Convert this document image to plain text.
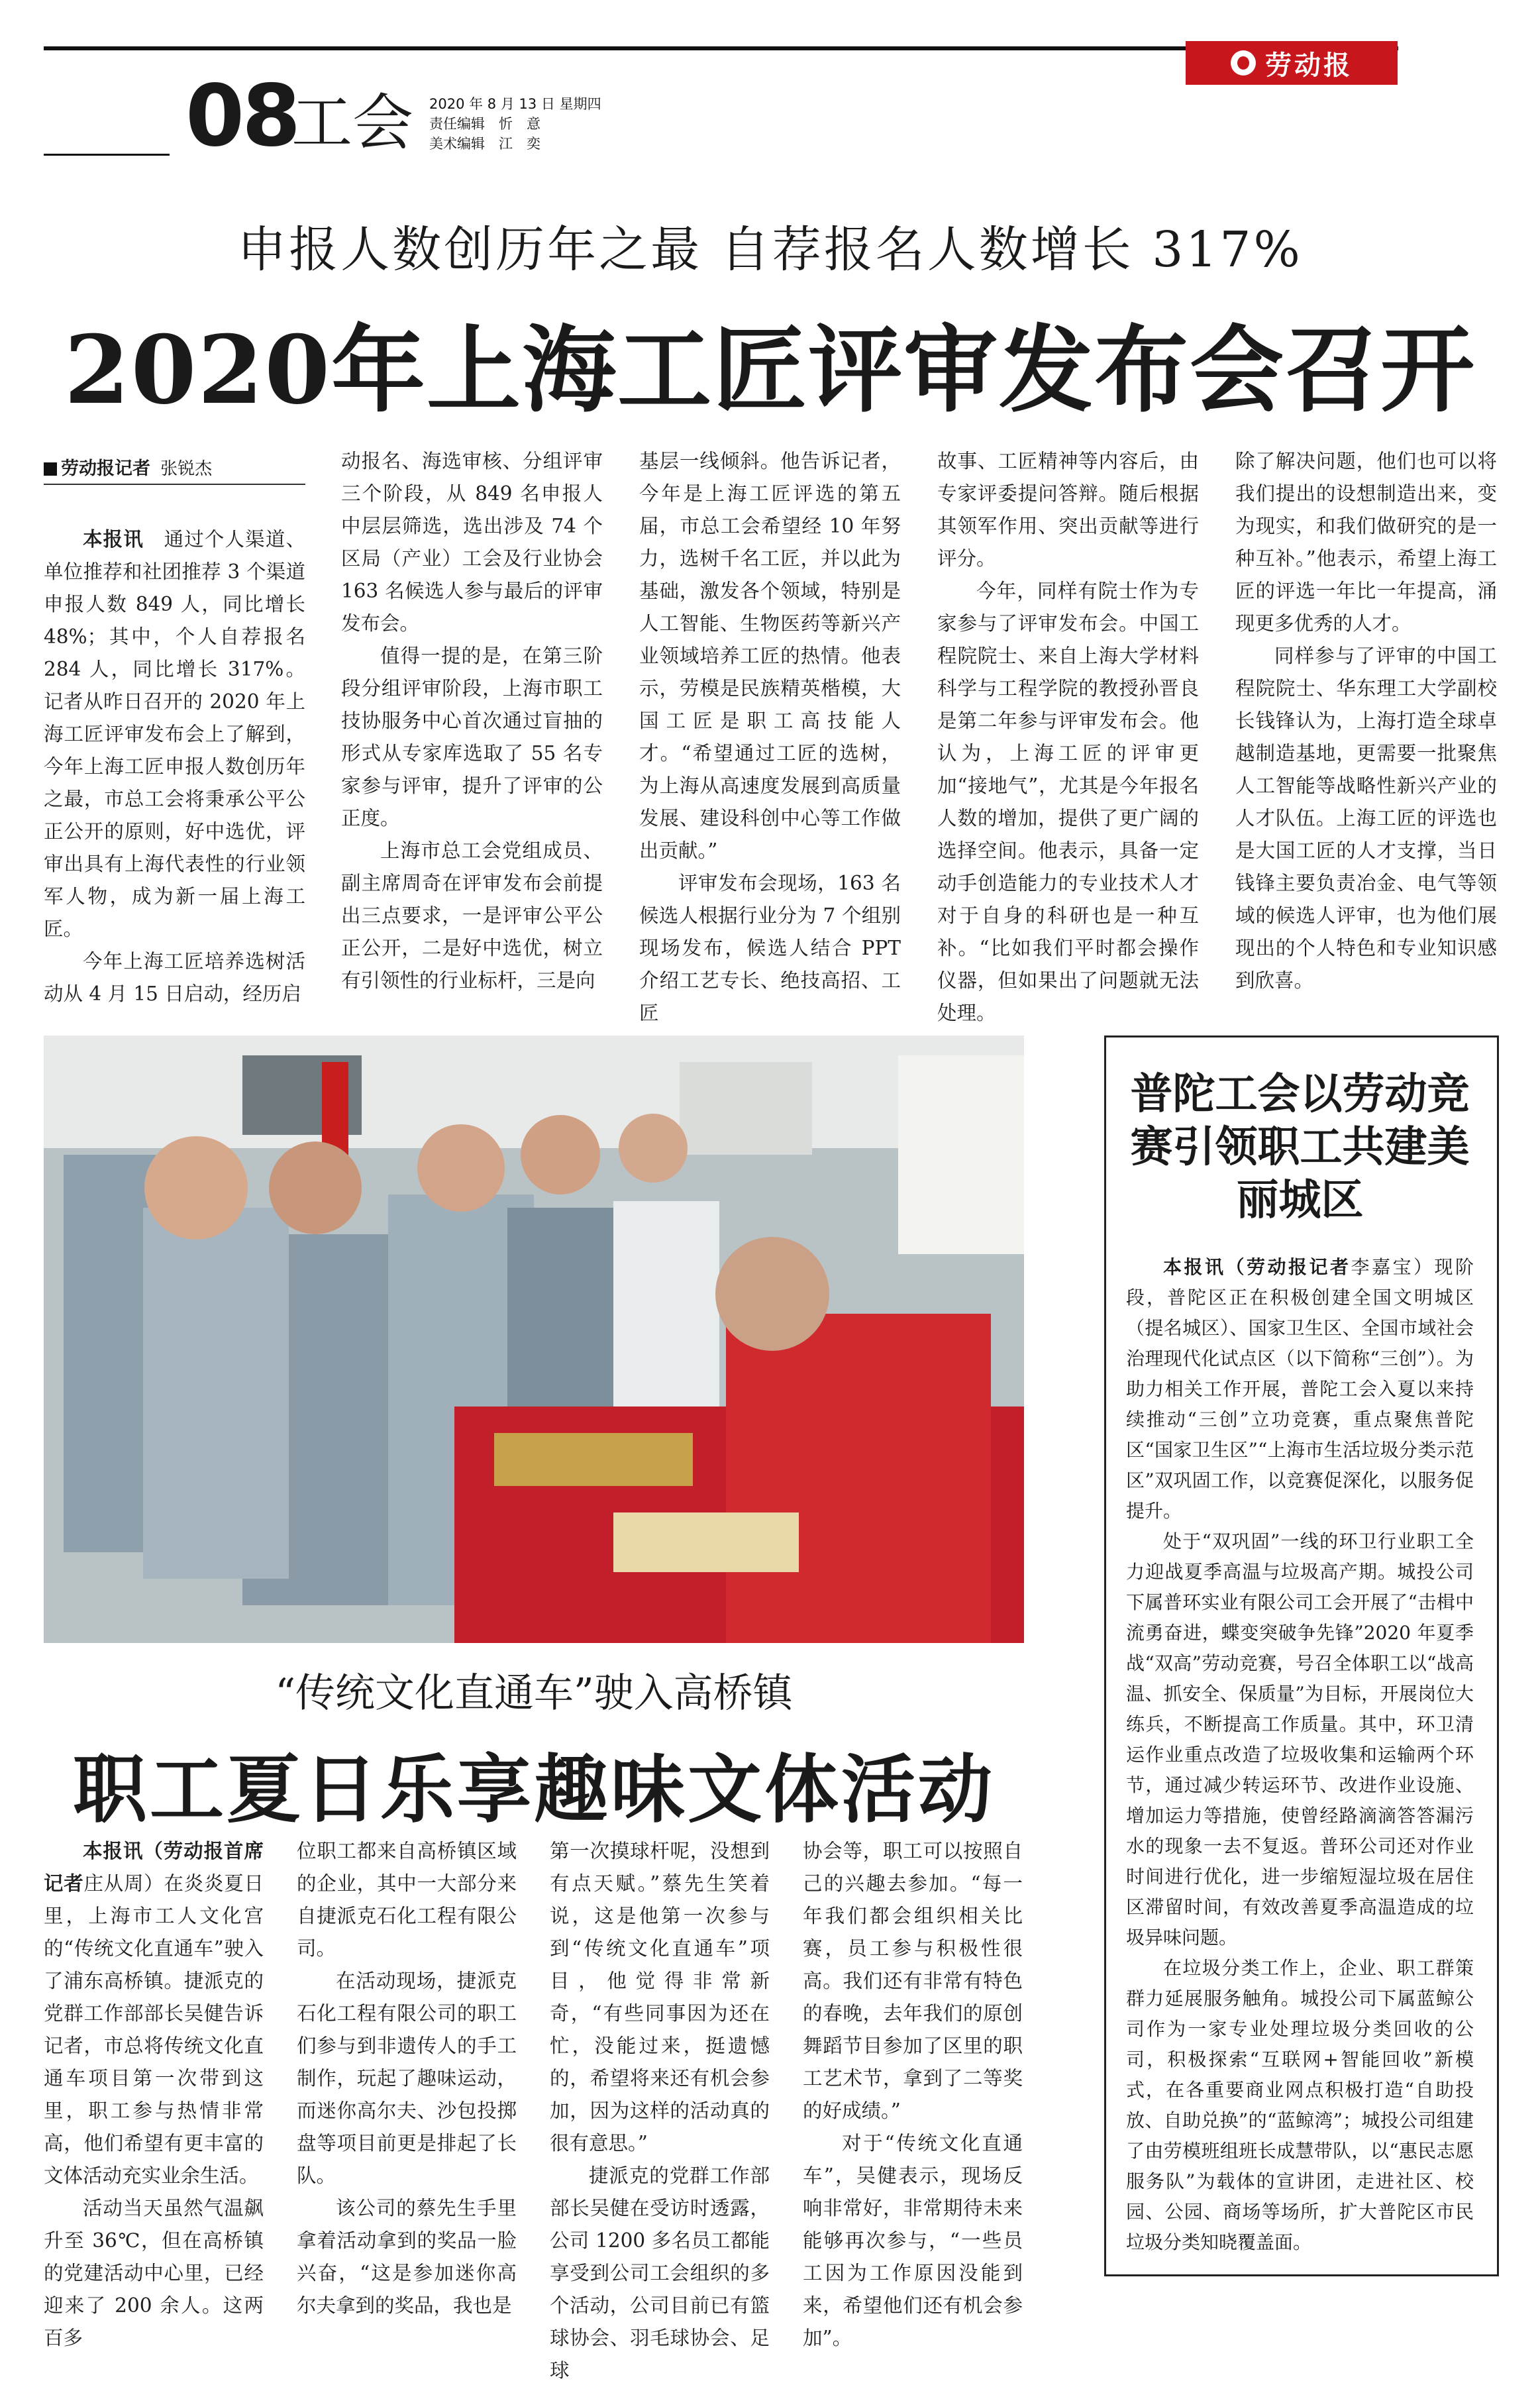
劳动报
08
工会 2020 年 8 月 13 日 星期四
责任编辑　忻　意
美术编辑　江　奕
申报人数创历年之最 自荐报名人数增长 317%
2020年上海工匠评审发布会召开
劳动报记者 张锐杰

本报讯　 通过个人渠道、单位推荐和社团推荐 3 个渠道申报人数 849 人，同比增长 48%；其中，个人自荐报名 284 人，同比增长 317%。记者从昨日召开的 2020 年上海工匠评审发布会上了解到，今年上海工匠申报人数创历年之最，市总工会将秉承公平公正公开的原则，好中选优，评审出具有上海代表性的行业领军人物，成为新一届上海工匠。

今年上海工匠培养选树活动从 4 月 15 日启动，经历启

动报名、海选审核、分组评审三个阶段，从 849 名申报人中层层筛选，选出涉及 74 个区局（产业）工会及行业协会 163 名候选人参与最后的评审发布会。

值得一提的是，在第三阶段分组评审阶段，上海市职工技协服务中心首次通过盲抽的形式从专家库选取了 55 名专家参与评审，提升了评审的公正度。

上海市总工会党组成员、副主席周奇在评审发布会前提出三点要求，一是评审公平公正公开，二是好中选优，树立有引领性的行业标杆，三是向

基层一线倾斜。他告诉记者，今年是上海工匠评选的第五届，市总工会希望经 10 年努力，选树千名工匠，并以此为基础，激发各个领域，特别是人工智能、生物医药等新兴产业领域培养工匠的热情。他表示，劳模是民族精英楷模，大国工匠是职工高技能人才。“希望通过工匠的选树，为上海从高速度发展到高质量发展、建设科创中心等工作做出贡献。”

评审发布会现场，163 名候选人根据行业分为 7 个组别现场发布，候选人结合 PPT 介绍工艺专长、绝技高招、工匠

故事、工匠精神等内容后，由专家评委提问答辩。随后根据其领军作用、突出贡献等进行评分。

今年，同样有院士作为专家参与了评审发布会。中国工程院院士、来自上海大学材料科学与工程学院的教授孙晋良是第二年参与评审发布会。他认为，上海工匠的评审更加“接地气”，尤其是今年报名人数的增加，提供了更广阔的选择空间。他表示，具备一定动手创造能力的专业技术人才对于自身的科研也是一种互补。“比如我们平时都会操作仪器，但如果出了问题就无法处理。

除了解决问题，他们也可以将我们提出的设想制造出来，变为现实，和我们做研究的是一种互补。”他表示，希望上海工匠的评选一年比一年提高，涌现更多优秀的人才。

同样参与了评审的中国工程院院士、华东理工大学副校长钱锋认为，上海打造全球卓越制造基地，更需要一批聚焦人工智能等战略性新兴产业的人才队伍。上海工匠的评选也是大国工匠的人才支撑，当日钱锋主要负责冶金、电气等领域的候选人评审，也为他们展现出的个人特色和专业知识感到欣喜。

“传统文化直通车”驶入高桥镇
职工夏日乐享趣味文体活动

本报讯（劳动报首席记者庄从周）在炎炎夏日里，上海市工人文化宫的“传统文化直通车”驶入了浦东高桥镇。捷派克的党群工作部部长吴健告诉记者，市总将传统文化直通车项目第一次带到这里，职工参与热情非常高，他们希望有更丰富的文体活动充实业余生活。

活动当天虽然气温飙升至 36℃，但在高桥镇的党建活动中心里，已经迎来了 200 余人。这两百多

位职工都来自高桥镇区域的企业，其中一大部分来自捷派克石化工程有限公司。

在活动现场，捷派克石化工程有限公司的职工们参与到非遗传人的手工制作，玩起了趣味运动，而迷你高尔夫、沙包投掷盘等项目前更是排起了长队。

该公司的蔡先生手里拿着活动拿到的奖品一脸兴奋，“这是参加迷你高尔夫拿到的奖品，我也是

第一次摸球杆呢，没想到有点天赋。”蔡先生笑着说，这是他第一次参与到“传统文化直通车”项目，他觉得非常新奇，“有些同事因为还在忙，没能过来，挺遗憾的，希望将来还有机会参加，因为这样的活动真的很有意思。”

捷派克的党群工作部部长吴健在受访时透露，公司 1200 多名员工都能享受到公司工会组织的多个活动，公司目前已有篮球协会、羽毛球协会、足球

协会等，职工可以按照自己的兴趣去参加。“每一年我们都会组织相关比赛，员工参与积极性很高。我们还有非常有特色的春晚，去年我们的原创舞蹈节目参加了区里的职工艺术节，拿到了二等奖的好成绩。”

对于“传统文化直通车”，吴健表示，现场反响非常好，非常期待未来能够再次参与，“一些员工因为工作原因没能到来，希望他们还有机会参加”。

普陀工会以劳动竞赛引领职工共建美丽城区

本报讯（劳动报记者李嘉宝）现阶段，普陀区正在积极创建全国文明城区（提名城区）、国家卫生区、全国市域社会治理现代化试点区（以下简称“三创”）。为助力相关工作开展，普陀工会入夏以来持续推动“三创”立功竞赛，重点聚焦普陀区“国家卫生区”“上海市生活垃圾分类示范区”双巩固工作，以竞赛促深化，以服务促提升。

处于“双巩固”一线的环卫行业职工全力迎战夏季高温与垃圾高产期。城投公司下属普环实业有限公司工会开展了“击楫中流勇奋进，蝶变突破争先锋”2020 年夏季战“双高”劳动竞赛，号召全体职工以“战高温、抓安全、保质量”为目标，开展岗位大练兵，不断提高工作质量。其中，环卫清运作业重点改造了垃圾收集和运输两个环节，通过减少转运环节、改进作业设施、增加运力等措施，使曾经路滴滴答答漏污水的现象一去不复返。普环公司还对作业时间进行优化，进一步缩短湿垃圾在居住区滞留时间，有效改善夏季高温造成的垃圾异味问题。

在垃圾分类工作上，企业、职工群策群力延展服务触角。城投公司下属蓝鲸公司作为一家专业处理垃圾分类回收的公司，积极探索“互联网+智能回收”新模式，在各重要商业网点积极打造“自助投放、自助兑换”的“蓝鲸湾”；城投公司组建了由劳模班组班长成慧带队，以“惠民志愿服务队”为载体的宣讲团，走进社区、校园、公园、商场等场所，扩大普陀区市民垃圾分类知晓覆盖面。
